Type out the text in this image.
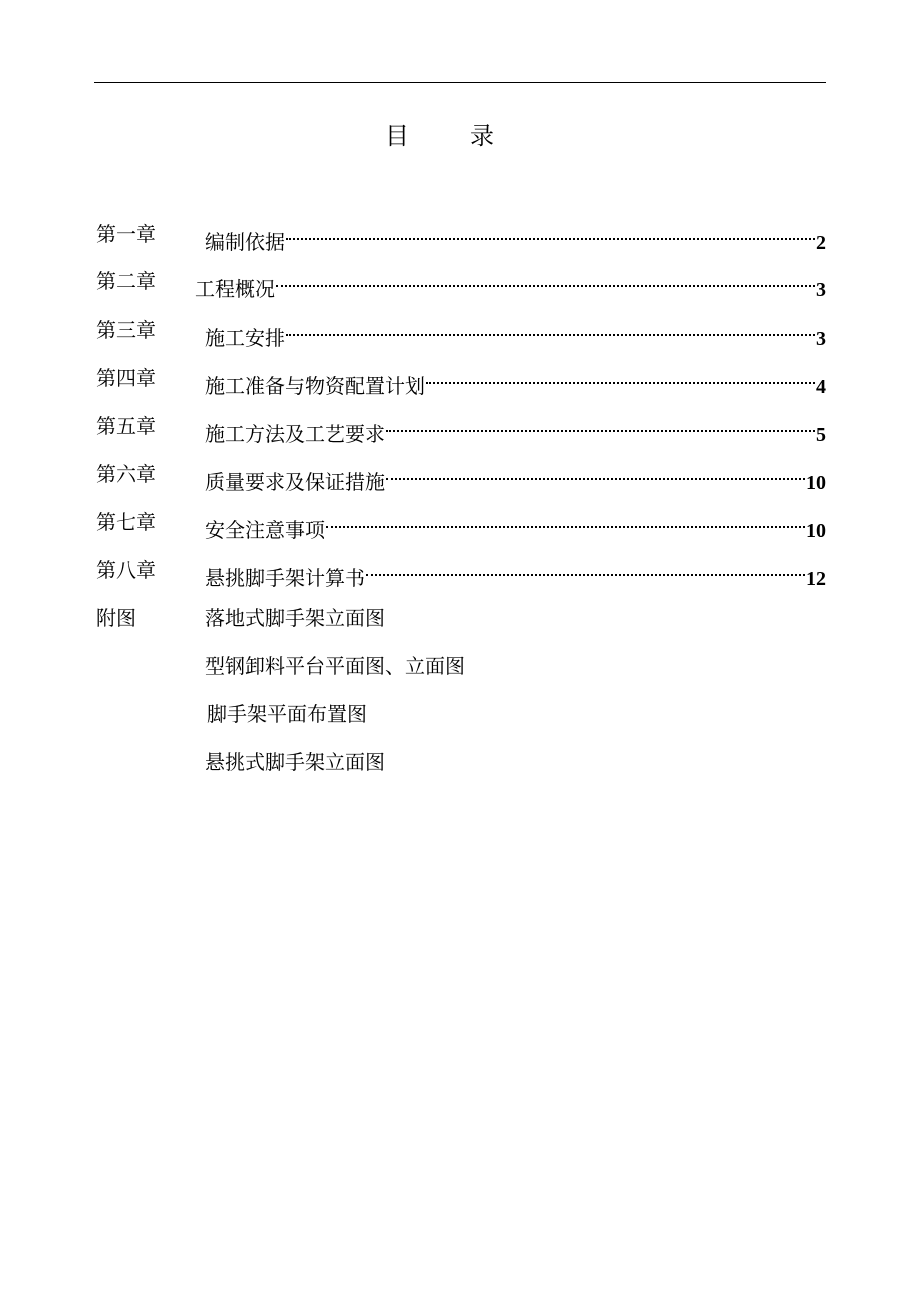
目	录
第一章 编制依据	2
第二章 工程概况	3
第三章 施工安排	3
第四章 施工准备与物资配置计划	4
第五章 施工方法及工艺要求	5
第六章 质量要求及保证措施	10
第七章 安全注意事项	10
第八章 悬挑脚手架计算书	12
附图	落地式脚手架立面图
型钢卸料平台平面图、立面图
脚手架平面布置图
悬挑式脚手架立面图
